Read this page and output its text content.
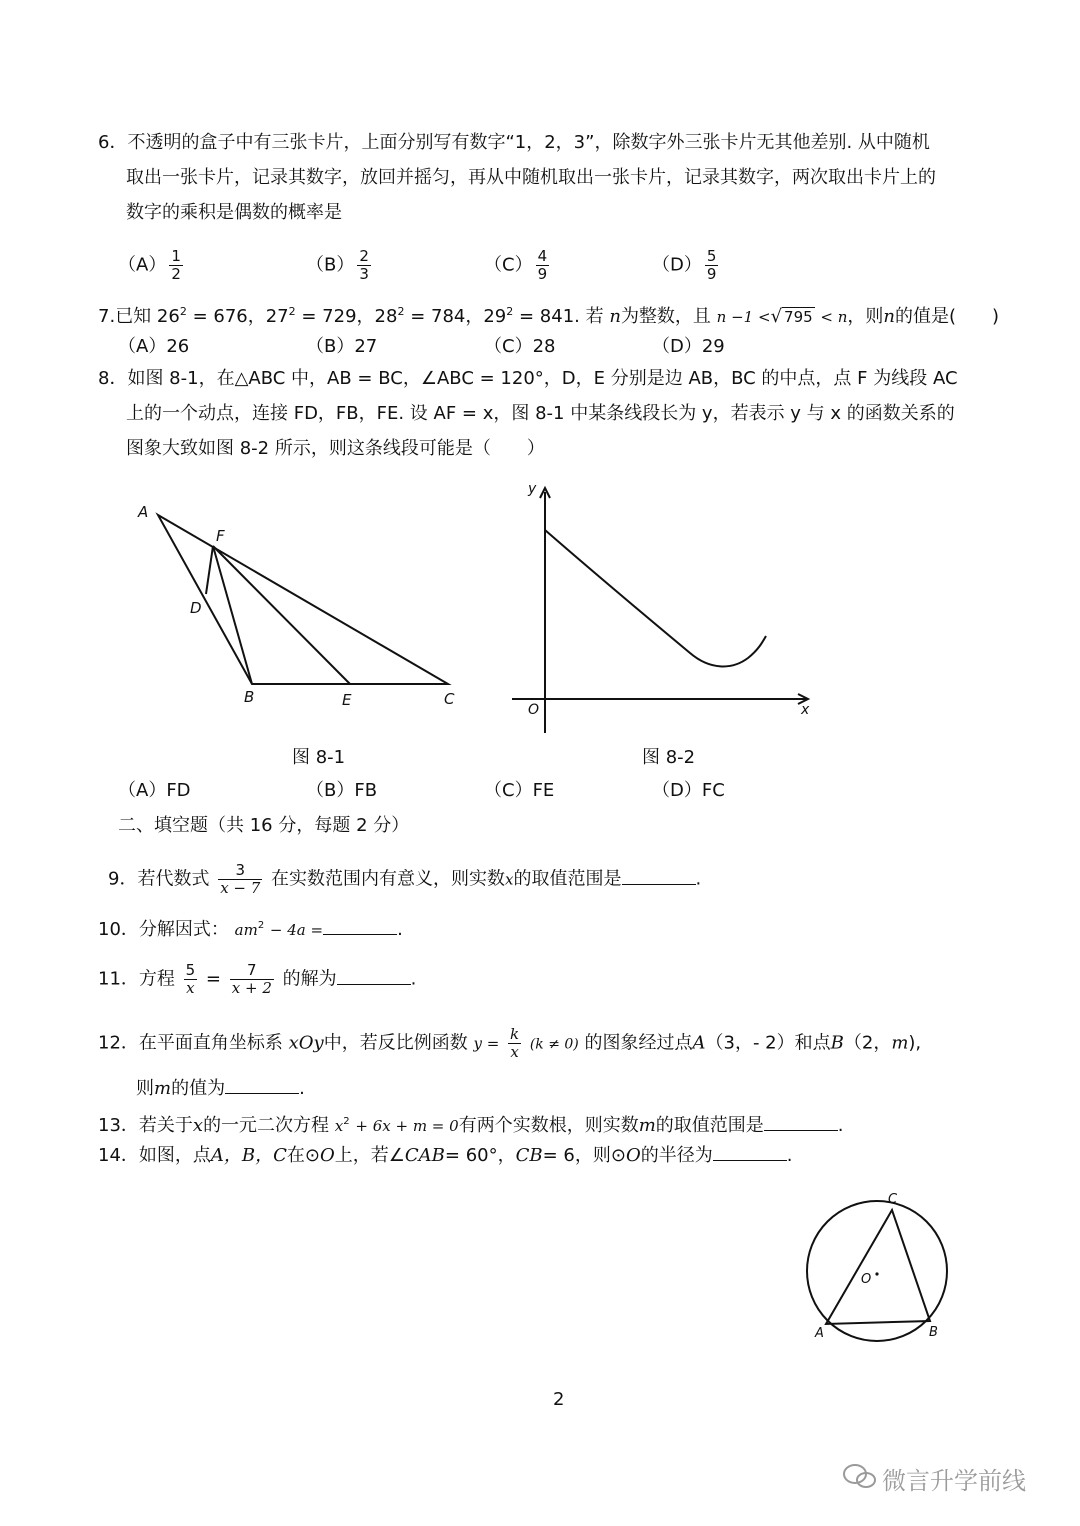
6．不透明的盒子中有三张卡片，上面分别写有数字“1，2，3”，除数字外三张卡片无其他差别. 从中随机
取出一张卡片，记录其数字，放回并摇匀，再从中随机取出一张卡片，记录其数字，两次取出卡片上的
数字的乘积是偶数的概率是
$(A) \frac{1}{2}$	$(B) \frac{2}{3}$	$(C) \frac{4}{9}$	$(D) \frac{5}{9}$
7.已知 $26^2 = 676$，$27^2 = 729$，$28^2 = 784$，$29^2 = 841$. 若 n为整数，且 n −1 <√ 795 < n，则n的值是(　　)
（A）26	（B）27	（C）28	（D）29
8．如图 8-1，在△ABC 中，AB = BC，∠ABC = 120°，D，E 分别是边 AB，BC 的中点，点 F 为线段 AC
上的一个动点，连接 FD，FB，FE. 设 AF = x，图 8-1 中某条线段长为 y，若表示 y 与 x 的函数关系的
图象大致如图 8-2 所示，则这条线段可能是（　　）
A
F
D
B	E	C
y
x
O
图 8-1	图 8-2
（A）FD	（B）FB	（C）FE	（D）FC
二、填空题（共 16 分，每题 2 分）
9．若代数式 $\frac{3}{x - 7}$ 在实数范围内有意义，则实数x的取值范围是	.
10．分解因式： $am^2 - 4a$ =	.
11．方程 $\frac{5}{x} = \frac{7}{x + 2}$ 的解为	.
12．在平面直角坐标系 xOy中，若反比例函数 $y = \frac{k}{x} (k \ne 0)$ 的图象经过点A（3，- 2）和点B（2，m),
则m的值为	.
13．若关于x的一元二次方程 $x^2 + 6x + m = 0$有两个实数根，则实数m的取值范围是	.
14．如图，点A，B，C在⊙O上，若∠CAB= 60°，CB= 6，则⊙O的半径为	.
C
O
A	B
2
微言升学前线
